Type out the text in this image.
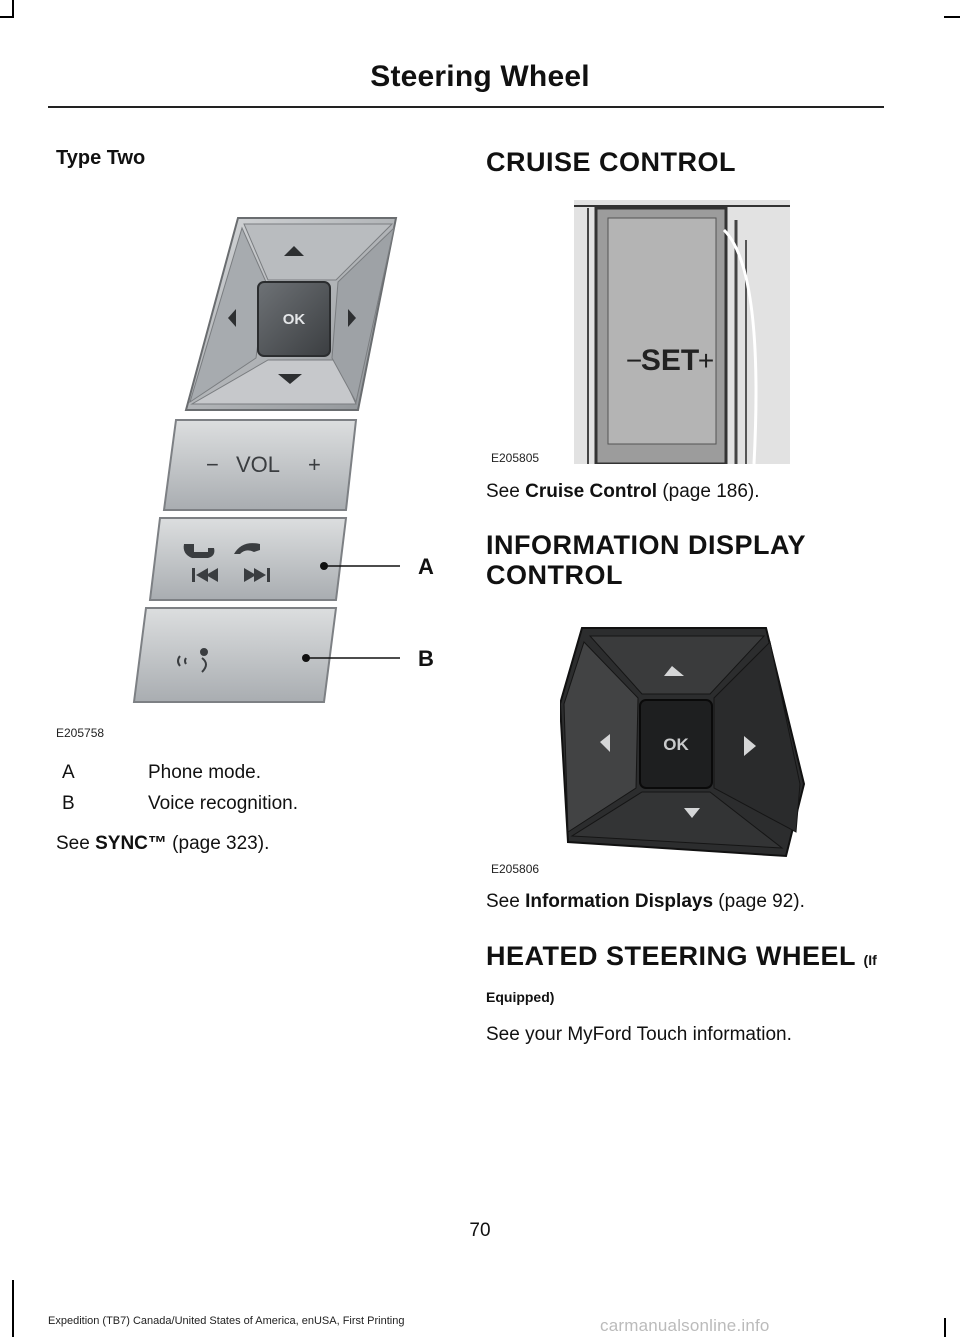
Steering Wheel
Type Two
OK
− VOL +
A
B
E205758
A	Phone mode.
B	Voice recognition.
See SYNC™ (page 323).
CRUISE CONTROL
SET
− +
E205805
See Cruise Control (page 186).
INFORMATION DISPLAY
CONTROL
OK
E205806
See Information Displays (page 92).
HEATED STEERING WHEEL (If
Equipped)
See your MyFord Touch information.
70
Expedition (TB7) Canada/United States of America, enUSA, First Printing	carmanualsonline.info
